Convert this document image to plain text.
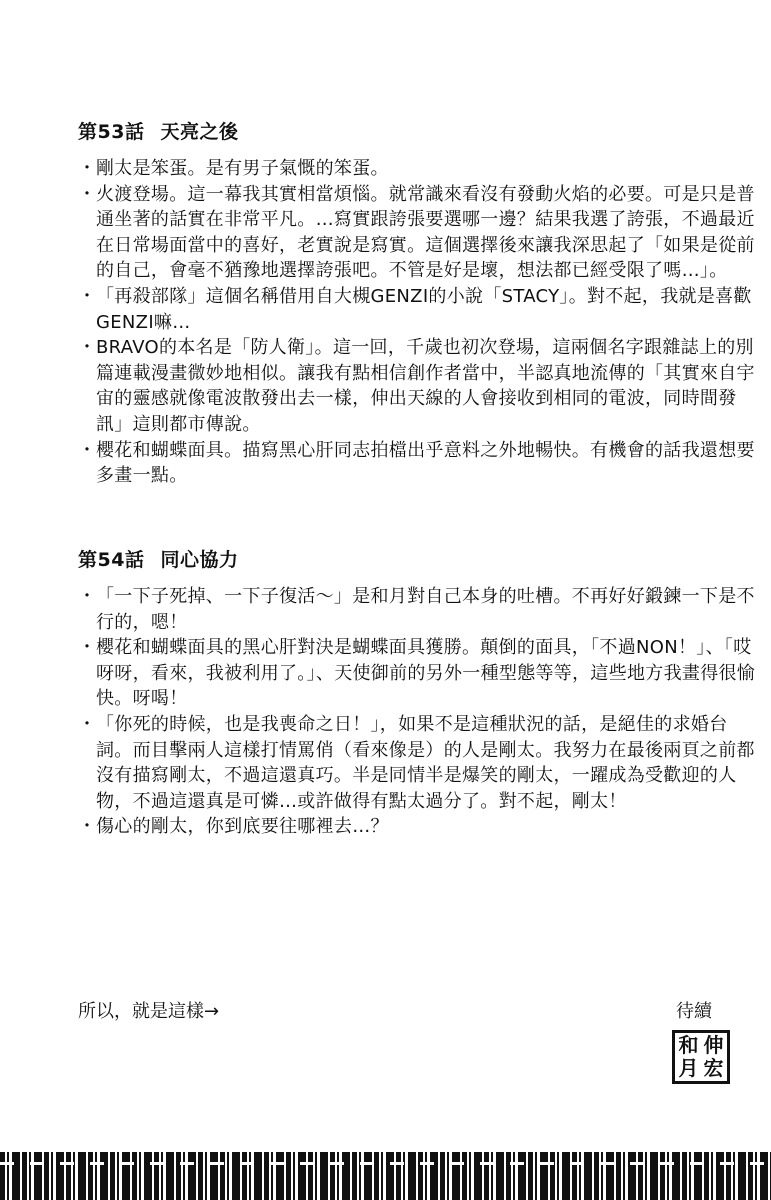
第53話 天亮之後
・ 剛太是笨蛋。是有男子氣慨的笨蛋。
・ 火渡登場。這一幕我其實相當煩惱。就常識來看沒有發動火焰的必要。可是只是普通坐著的話實在非常平凡。…寫實跟誇張要選哪一邊？結果我選了誇張，不過最近在日常場面當中的喜好，老實說是寫實。這個選擇後來讓我深思起了「如果是從前的自己，會毫不猶豫地選擇誇張吧。不管是好是壞，想法都已經受限了嗎…」。
・ 「再殺部隊」這個名稱借用自大槻GENZI的小說「STACY」。對不起，我就是喜歡GENZI嘛…
・ BRAVO的本名是「防人衛」。這一回，千歲也初次登場，這兩個名字跟雜誌上的別篇連載漫畫微妙地相似。讓我有點相信創作者當中，半認真地流傳的「其實來自宇宙的靈感就像電波散發出去一樣，伸出天線的人會接收到相同的電波，同時間發訊」這則都市傳說。
・ 櫻花和蝴蝶面具。描寫黑心肝同志拍檔出乎意料之外地暢快。有機會的話我還想要多畫一點。
第54話 同心協力
・ 「一下子死掉、一下子復活～」是和月對自己本身的吐槽。不再好好鍛鍊一下是不行的，嗯！
・ 櫻花和蝴蝶面具的黑心肝對決是蝴蝶面具獲勝。顛倒的面具，「不過NON！」、「哎呀呀，看來，我被利用了。」、天使御前的另外一種型態等等，這些地方我畫得很愉快。呀喝！
・ 「你死的時候，也是我喪命之日！」，如果不是這種狀況的話，是絕佳的求婚台詞。而目擊兩人這樣打情罵俏（看來像是）的人是剛太。我努力在最後兩頁之前都沒有描寫剛太，不過這還真巧。半是同情半是爆笑的剛太，一躍成為受歡迎的人物，不過這還真是可憐…或許做得有點太過分了。對不起，剛太！
・ 傷心的剛太，你到底要往哪裡去…？
所以，就是這樣→	待續
和 伸
月 宏
